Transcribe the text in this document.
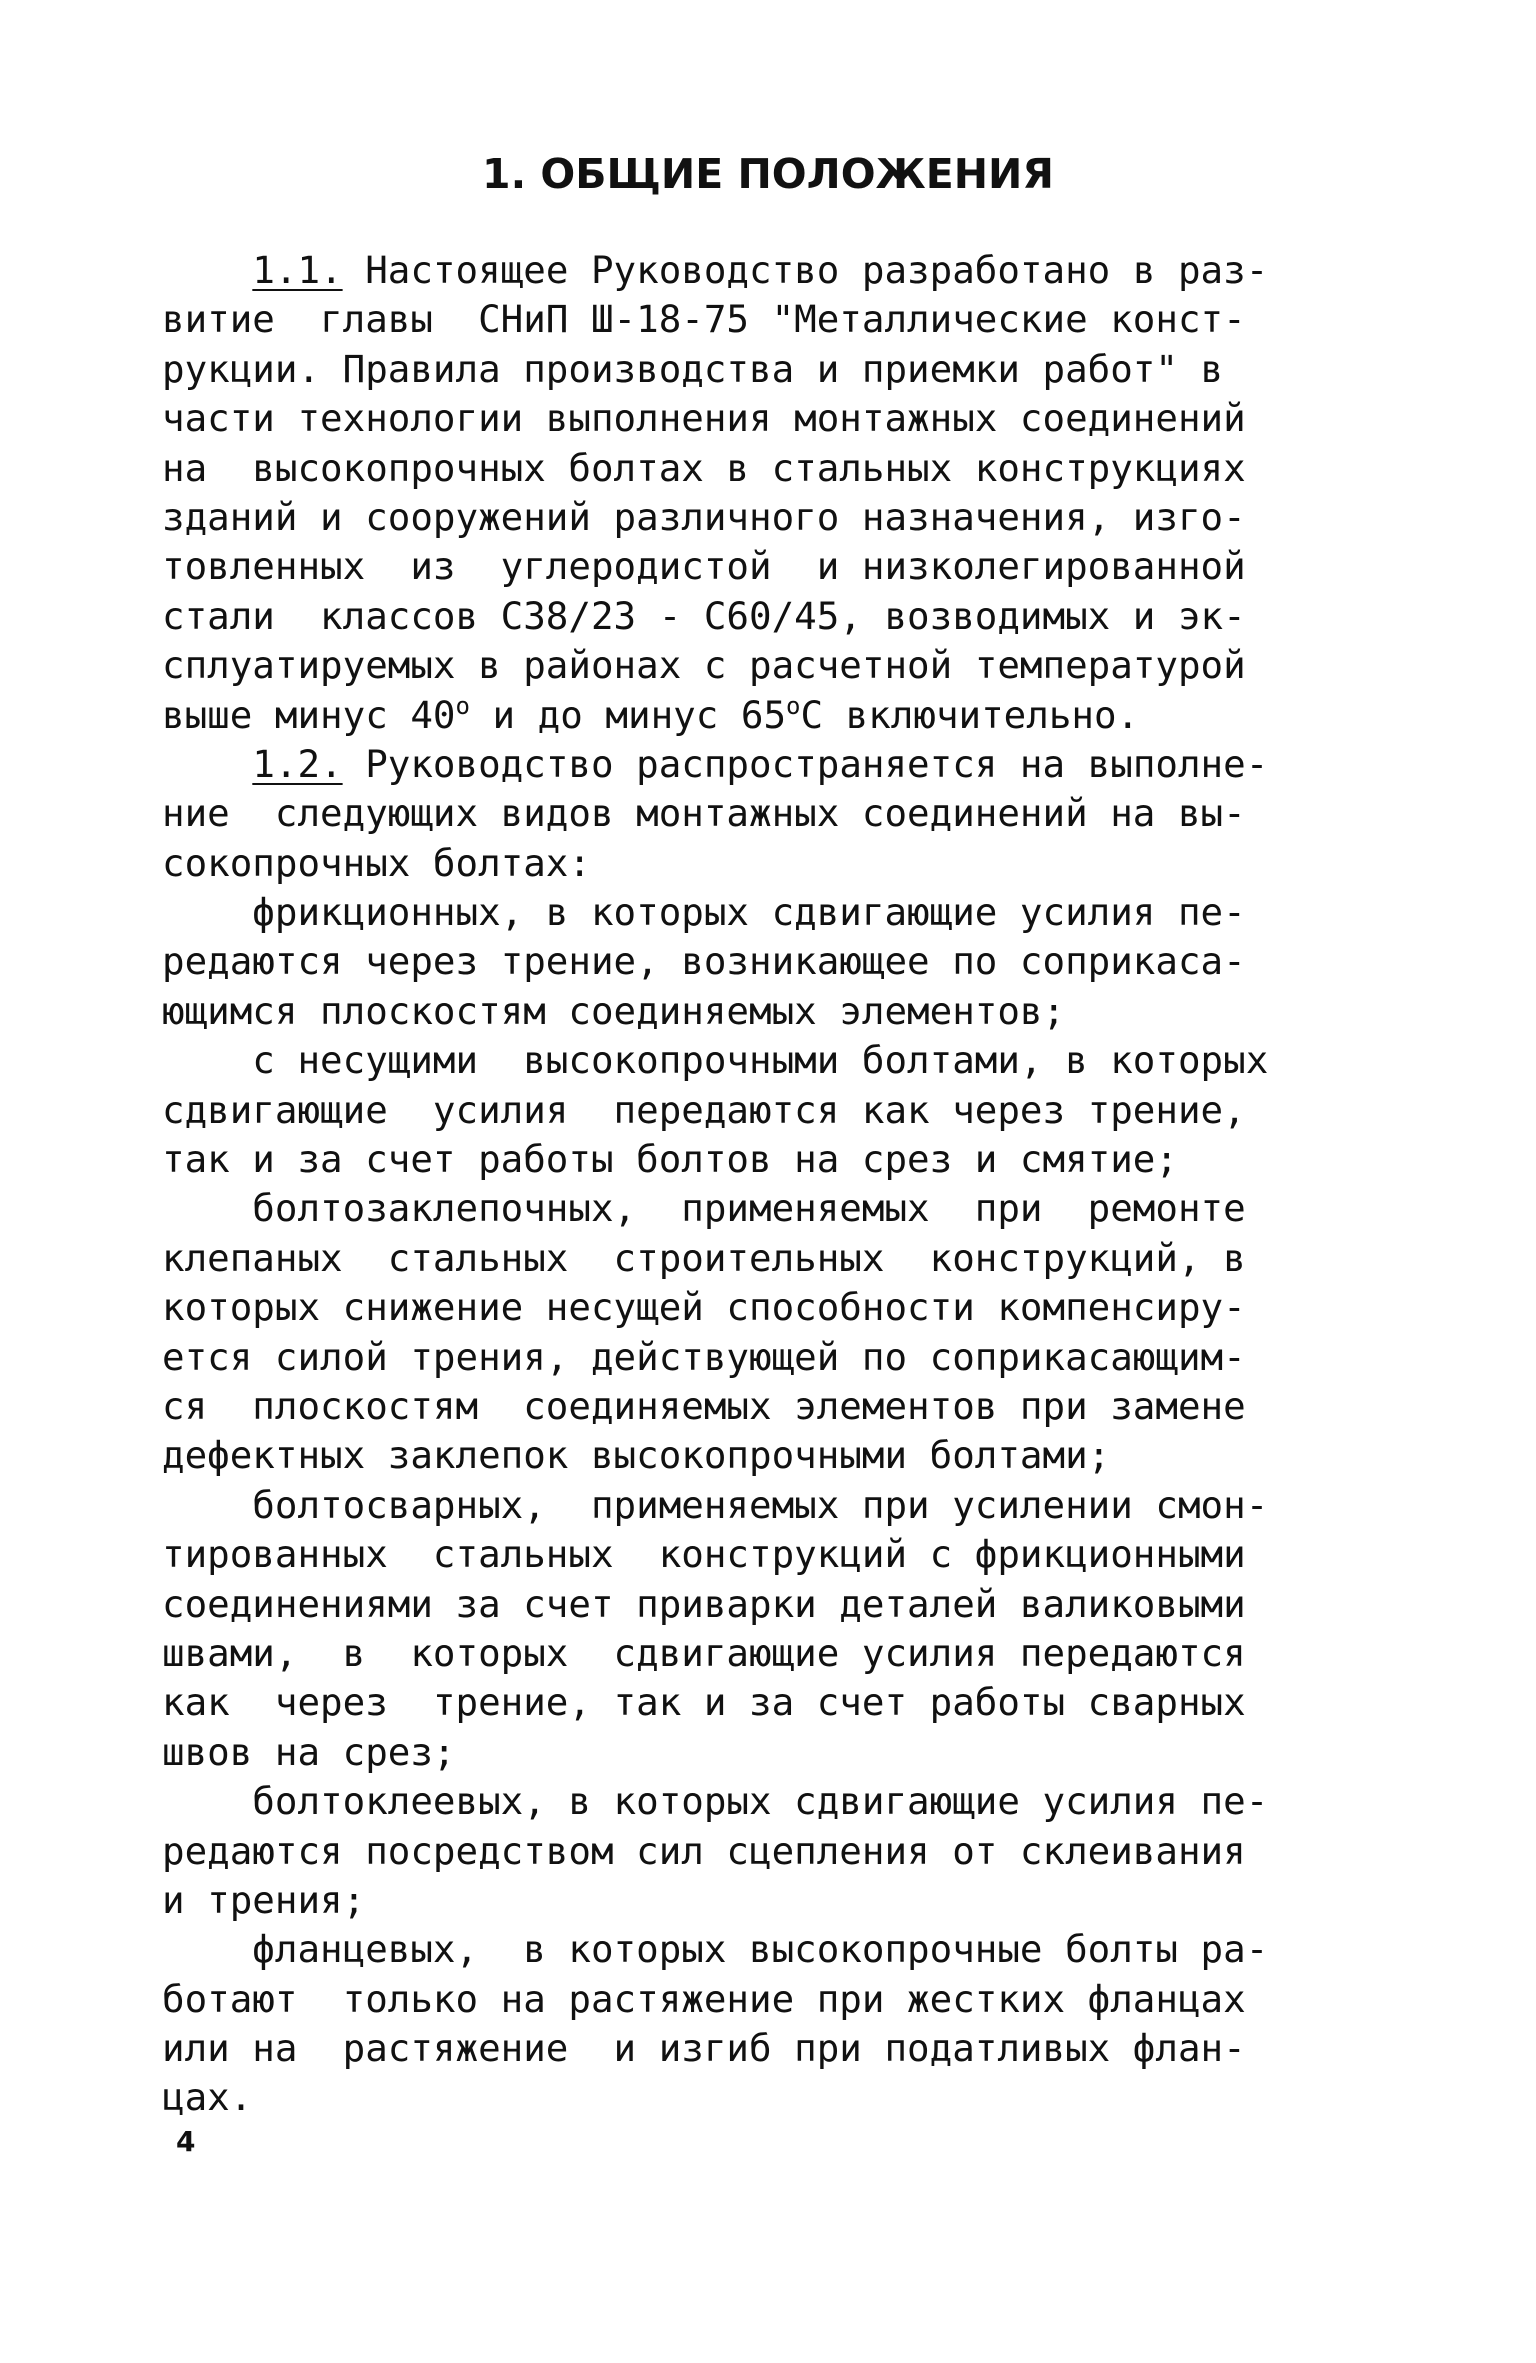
1. ОБЩИЕ ПОЛОЖЕНИЯ
1.1. Настоящее Руководство разработано в раз-
витие  главы  СНиП Ш-18-75 "Металлические конст-
рукции. Правила производства и приемки работ" в
части технологии выполнения монтажных соединений
на  высокопрочных болтах в стальных конструкциях
зданий и сооружений различного назначения, изго-
товленных  из  углеродистой  и низколегированной
стали  классов С38/23 - С60/45, возводимых и эк-
сплуатируемых в районах с расчетной температурой
выше минус $40^о$ и до минус $65^оС$ включительно.
1.2. Руководство распространяется на выполне-
ние  следующих видов монтажных соединений на вы-
сокопрочных болтах:
фрикционных, в которых сдвигающие усилия пе-
редаются через трение, возникающее по соприкаса-
ющимся плоскостям соединяемых элементов;
с несущими  высокопрочными болтами, в которых
сдвигающие  усилия  передаются как через трение,
так и за счет работы болтов на срез и смятие;
болтозаклепочных,  применяемых  при  ремонте
клепаных  стальных  строительных  конструкций, в
которых снижение несущей способности компенсиру-
ется силой трения, действующей по соприкасающим-
ся  плоскостям  соединяемых элементов при замене
дефектных заклепок высокопрочными болтами;
болтосварных,  применяемых при усилении смон-
тированных  стальных  конструкций с фрикционными
соединениями за счет приварки деталей валиковыми
швами,  в  которых  сдвигающие усилия передаются
как  через  трение, так и за счет работы сварных
швов на срез;
болтоклеевых, в которых сдвигающие усилия пе-
редаются посредством сил сцепления от склеивания
и трения;
фланцевых,  в которых высокопрочные болты ра-
ботают  только на растяжение при жестких фланцах
или на  растяжение  и изгиб при податливых флан-
цах.
4
